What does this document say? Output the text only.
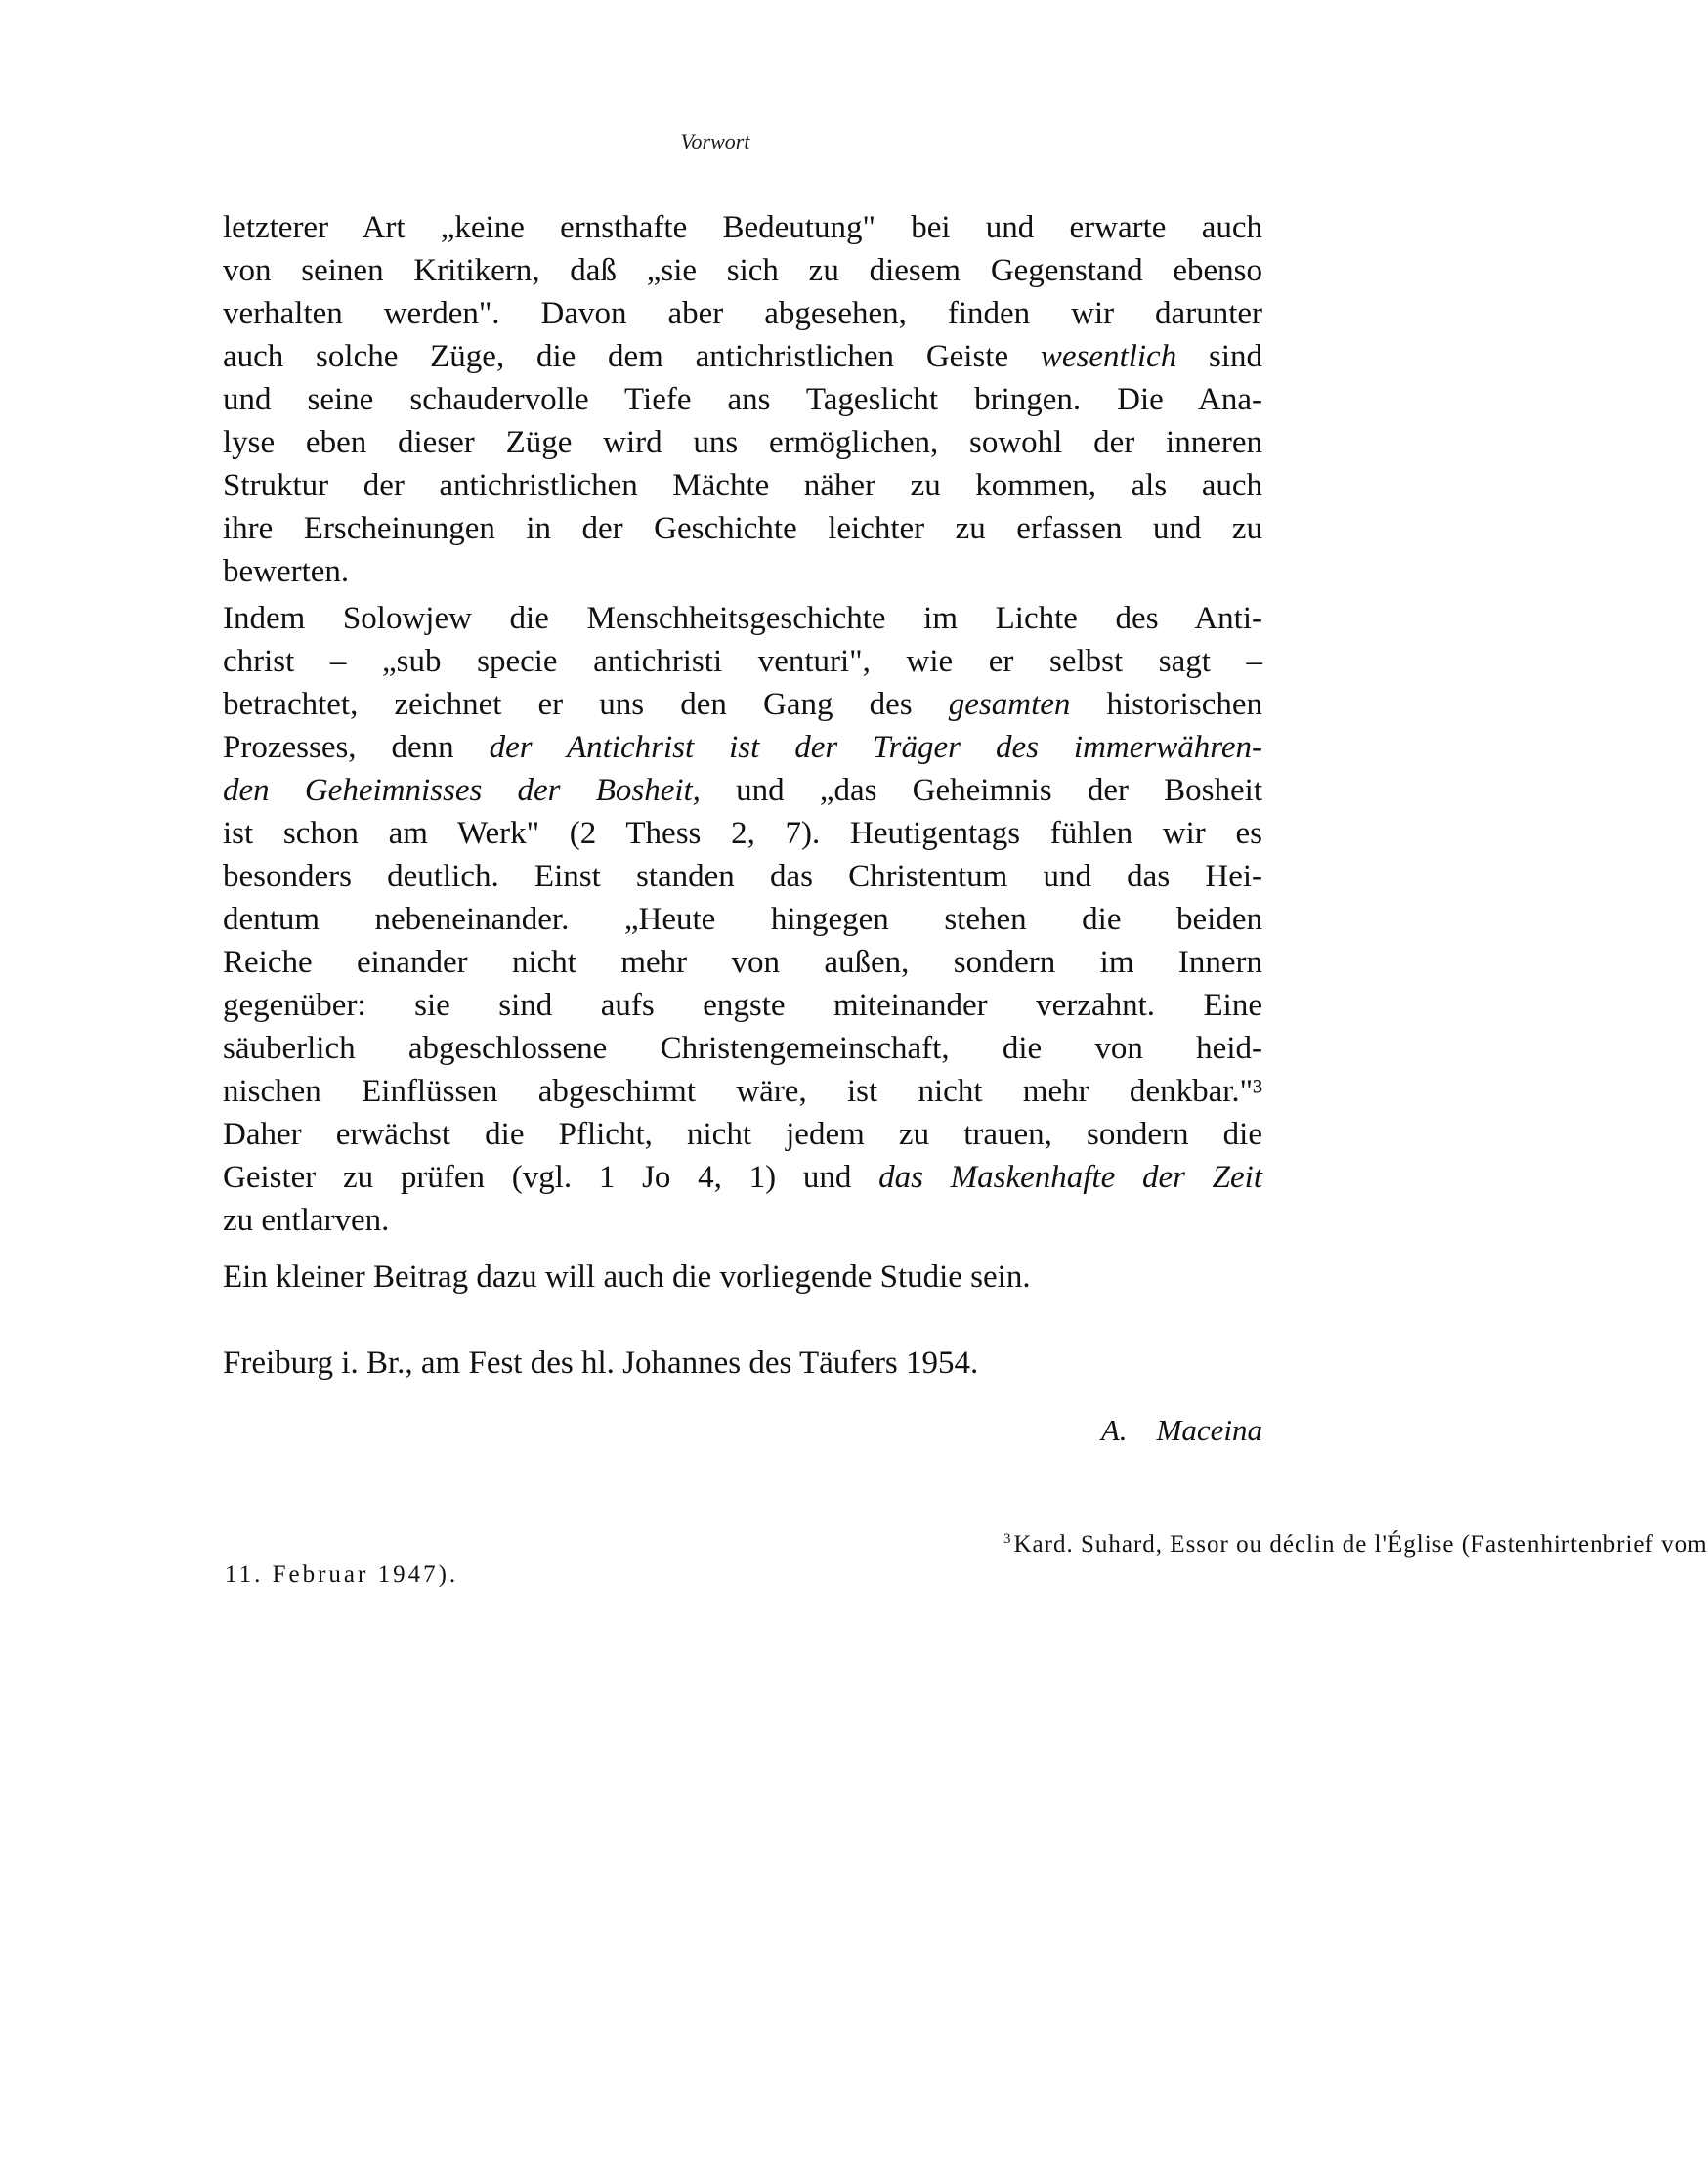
Vorwort
letzterer Art „keine ernsthafte Bedeutung" bei und erwarte auch
von seinen Kritikern, daß „sie sich zu diesem Gegenstand ebenso
verhalten werden". Davon aber abgesehen, finden wir darunter
auch solche Züge, die dem antichristlichen Geiste wesentlich sind
und seine schaudervolle Tiefe ans Tageslicht bringen. Die Ana-
lyse eben dieser Züge wird uns ermöglichen, sowohl der inneren
Struktur der antichristlichen Mächte näher zu kommen, als auch
ihre Erscheinungen in der Geschichte leichter zu erfassen und zu
bewerten.
Indem Solowjew die Menschheitsgeschichte im Lichte des Anti-
christ – „sub specie antichristi venturi", wie er selbst sagt –
betrachtet, zeichnet er uns den Gang des gesamten historischen
Prozesses, denn der Antichrist ist der Träger des immerwähren-
den Geheimnisses der Bosheit, und „das Geheimnis der Bosheit
ist schon am Werk" (2 Thess 2, 7). Heutigentags fühlen wir es
besonders deutlich. Einst standen das Christentum und das Hei-
dentum nebeneinander. „Heute hingegen stehen die beiden
Reiche einander nicht mehr von außen, sondern im Innern
gegenüber: sie sind aufs engste miteinander verzahnt. Eine
säuberlich abgeschlossene Christengemeinschaft, die von heid-
nischen Einflüssen abgeschirmt wäre, ist nicht mehr denkbar."³
Daher erwächst die Pflicht, nicht jedem zu trauen, sondern die
Geister zu prüfen (vgl. 1 Jo 4, 1) und das Maskenhafte der Zeit
zu entlarven.
Ein kleiner Beitrag dazu will auch die vorliegende Studie sein.
Freiburg i. Br., am Fest des hl. Johannes des Täufers 1954.
A. Maceina
$^3$Kard. Suhard, Essor ou déclin de l'Église (Fastenhirtenbrief vom
11. Februar 1947).
